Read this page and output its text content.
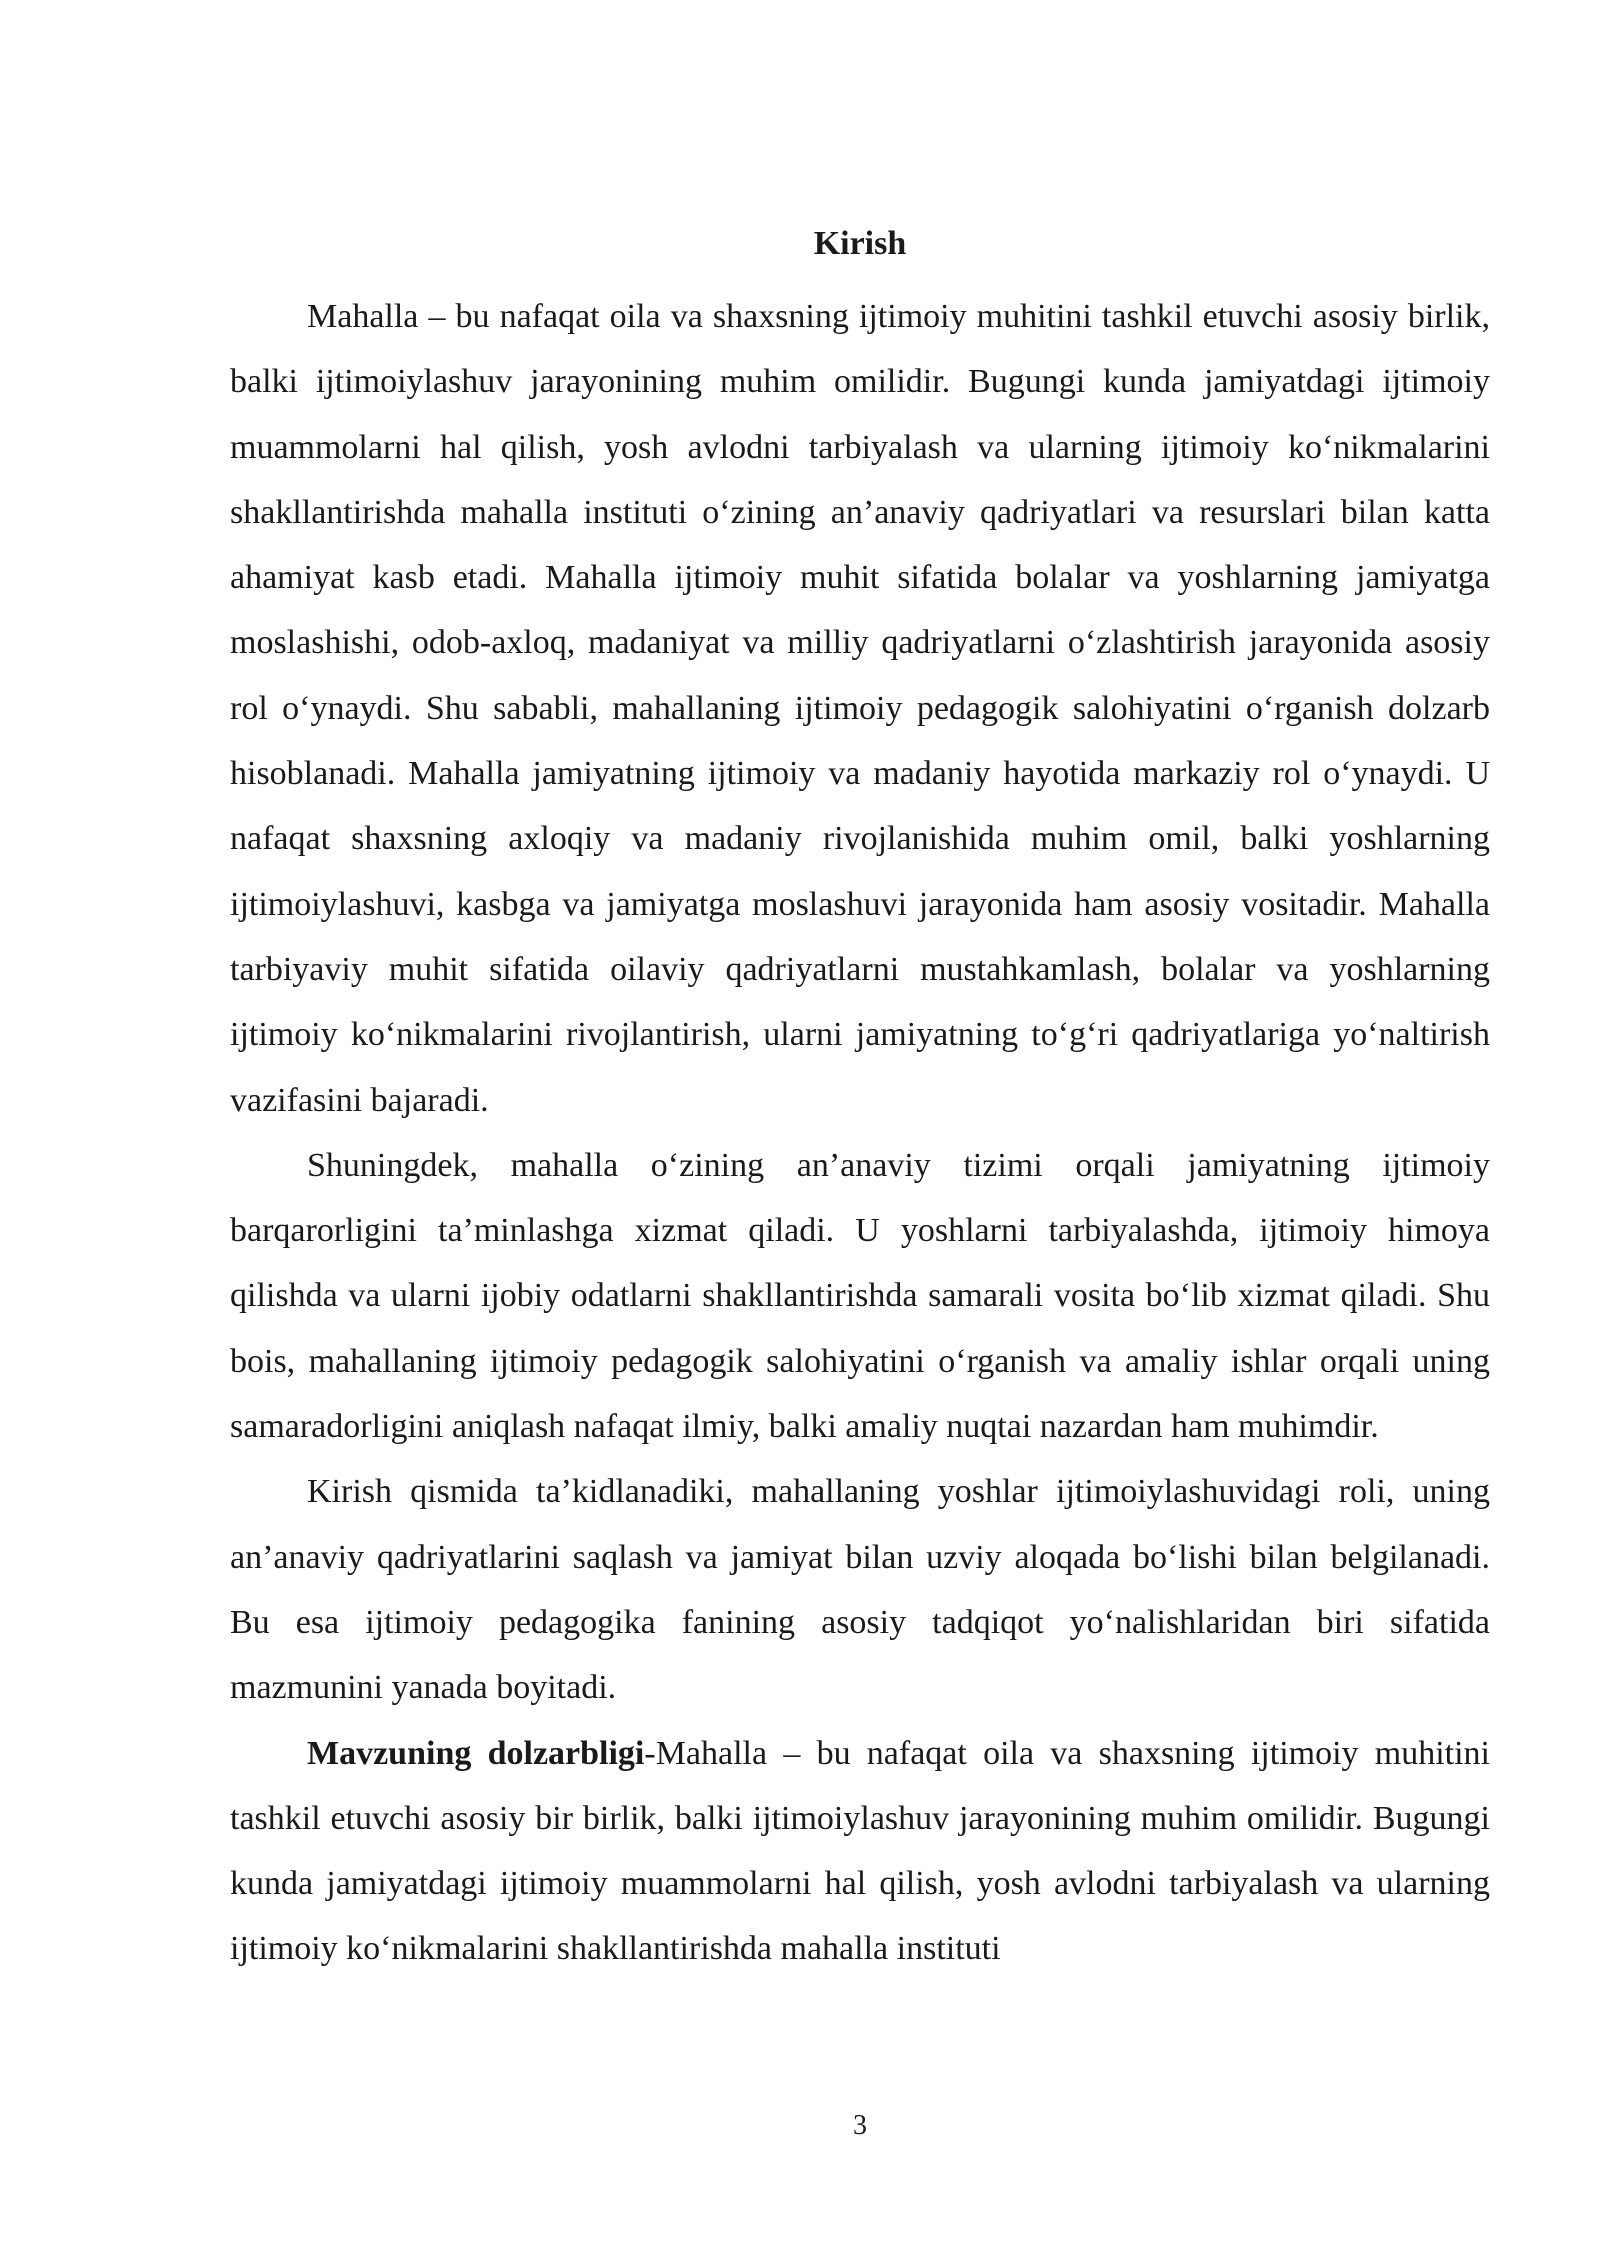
Kirish

Mahalla – bu nafaqat oila va shaxsning ijtimoiy muhitini tashkil etuvchi asosiy birlik, balki ijtimoiylashuv jarayonining muhim omilidir. Bugungi kunda jamiyatdagi ijtimoiy muammolarni hal qilish, yosh avlodni tarbiyalash va ularning ijtimoiy ko‘nikmalarini shakllantirishda mahalla instituti o‘zining an’anaviy qadriyatlari va resurslari bilan katta ahamiyat kasb etadi. Mahalla ijtimoiy muhit sifatida bolalar va yoshlarning jamiyatga moslashishi, odob-axloq, madaniyat va milliy qadriyatlarni o‘zlashtirish jarayonida asosiy rol o‘ynaydi. Shu sababli, mahallaning ijtimoiy pedagogik salohiyatini o‘rganish dolzarb hisoblanadi. Mahalla jamiyatning ijtimoiy va madaniy hayotida markaziy rol o‘ynaydi. U nafaqat shaxsning axloqiy va madaniy rivojlanishida muhim omil, balki yoshlarning ijtimoiylashuvi, kasbga va jamiyatga moslashuvi jarayonida ham asosiy vositadir. Mahalla tarbiyaviy muhit sifatida oilaviy qadriyatlarni mustahkamlash, bolalar va yoshlarning ijtimoiy ko‘nikmalarini rivojlantirish, ularni jamiyatning to‘g‘ri qadriyatlariga yo‘naltirish vazifasini bajaradi.

Shuningdek, mahalla o‘zining an’anaviy tizimi orqali jamiyatning ijtimoiy barqarorligini ta’minlashga xizmat qiladi. U yoshlarni tarbiyalashda, ijtimoiy himoya qilishda va ularni ijobiy odatlarni shakllantirishda samarali vosita bo‘lib xizmat qiladi. Shu bois, mahallaning ijtimoiy pedagogik salohiyatini o‘rganish va amaliy ishlar orqali uning samaradorligini aniqlash nafaqat ilmiy, balki amaliy nuqtai nazardan ham muhimdir.

Kirish qismida ta’kidlanadiki, mahallaning yoshlar ijtimoiylashuvidagi roli, uning an’anaviy qadriyatlarini saqlash va jamiyat bilan uzviy aloqada bo‘lishi bilan belgilanadi. Bu esa ijtimoiy pedagogika fanining asosiy tadqiqot yo‘nalishlaridan biri sifatida mazmunini yanada boyitadi.

Mavzuning dolzarbligi-Mahalla – bu nafaqat oila va shaxsning ijtimoiy muhitini tashkil etuvchi asosiy bir birlik, balki ijtimoiylashuv jarayonining muhim omilidir. Bugungi kunda jamiyatdagi ijtimoiy muammolarni hal qilish, yosh avlodni tarbiyalash va ularning ijtimoiy ko‘nikmalarini shakllantirishda mahalla instituti

3
